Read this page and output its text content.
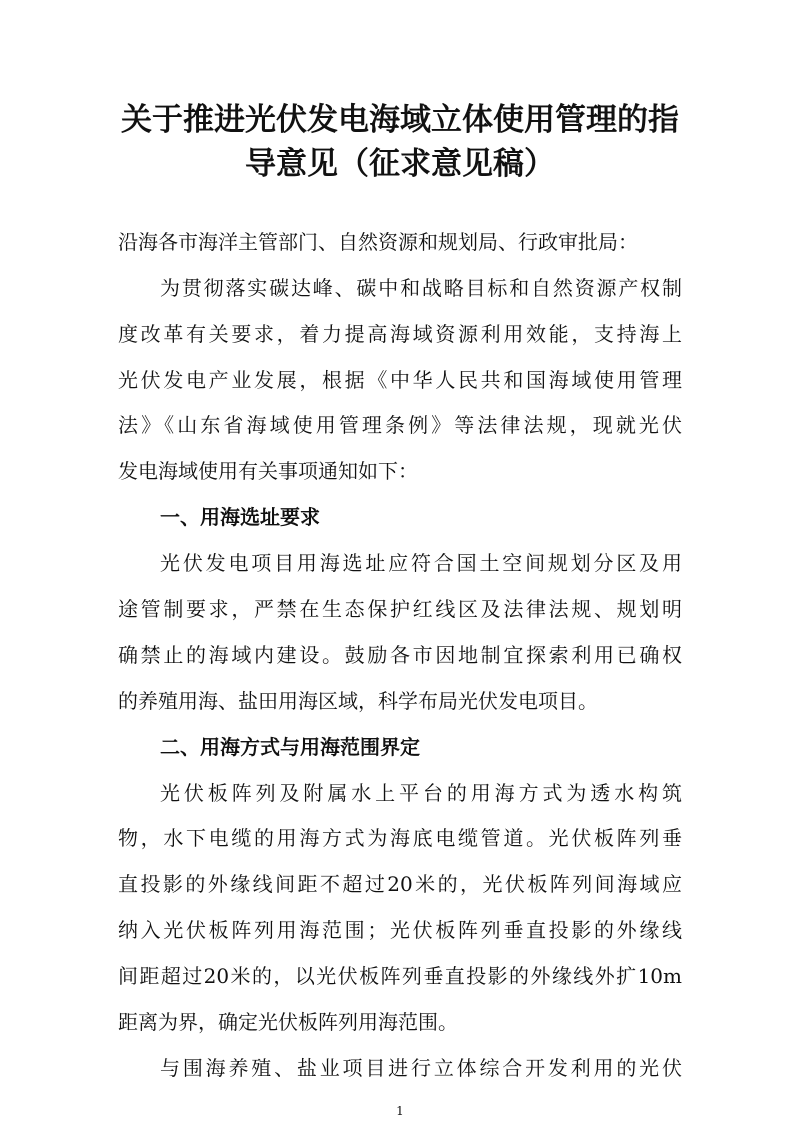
关于推进光伏发电海域立体使用管理的指
导意见（征求意见稿）
沿海各市海洋主管部门、自然资源和规划局、行政审批局：
为贯彻落实碳达峰、碳中和战略目标和自然资源产权制
度改革有关要求，着力提高海域资源利用效能，支持海上
光伏发电产业发展，根据《中华人民共和国海域使用管理
法》《山东省海域使用管理条例》等法律法规，现就光伏
发电海域使用有关事项通知如下：
一、用海选址要求
光伏发电项目用海选址应符合国土空间规划分区及用
途管制要求，严禁在生态保护红线区及法律法规、规划明
确禁止的海域内建设。鼓励各市因地制宜探索利用已确权
的养殖用海、盐田用海区域，科学布局光伏发电项目。
二、用海方式与用海范围界定
光伏板阵列及附属水上平台的用海方式为透水构筑
物，水下电缆的用海方式为海底电缆管道。光伏板阵列垂
直投影的外缘线间距不超过20米的，光伏板阵列间海域应
纳入光伏板阵列用海范围；光伏板阵列垂直投影的外缘线
间距超过20米的，以光伏板阵列垂直投影的外缘线外扩10m
距离为界，确定光伏板阵列用海范围。
与围海养殖、盐业项目进行立体综合开发利用的光伏
1
